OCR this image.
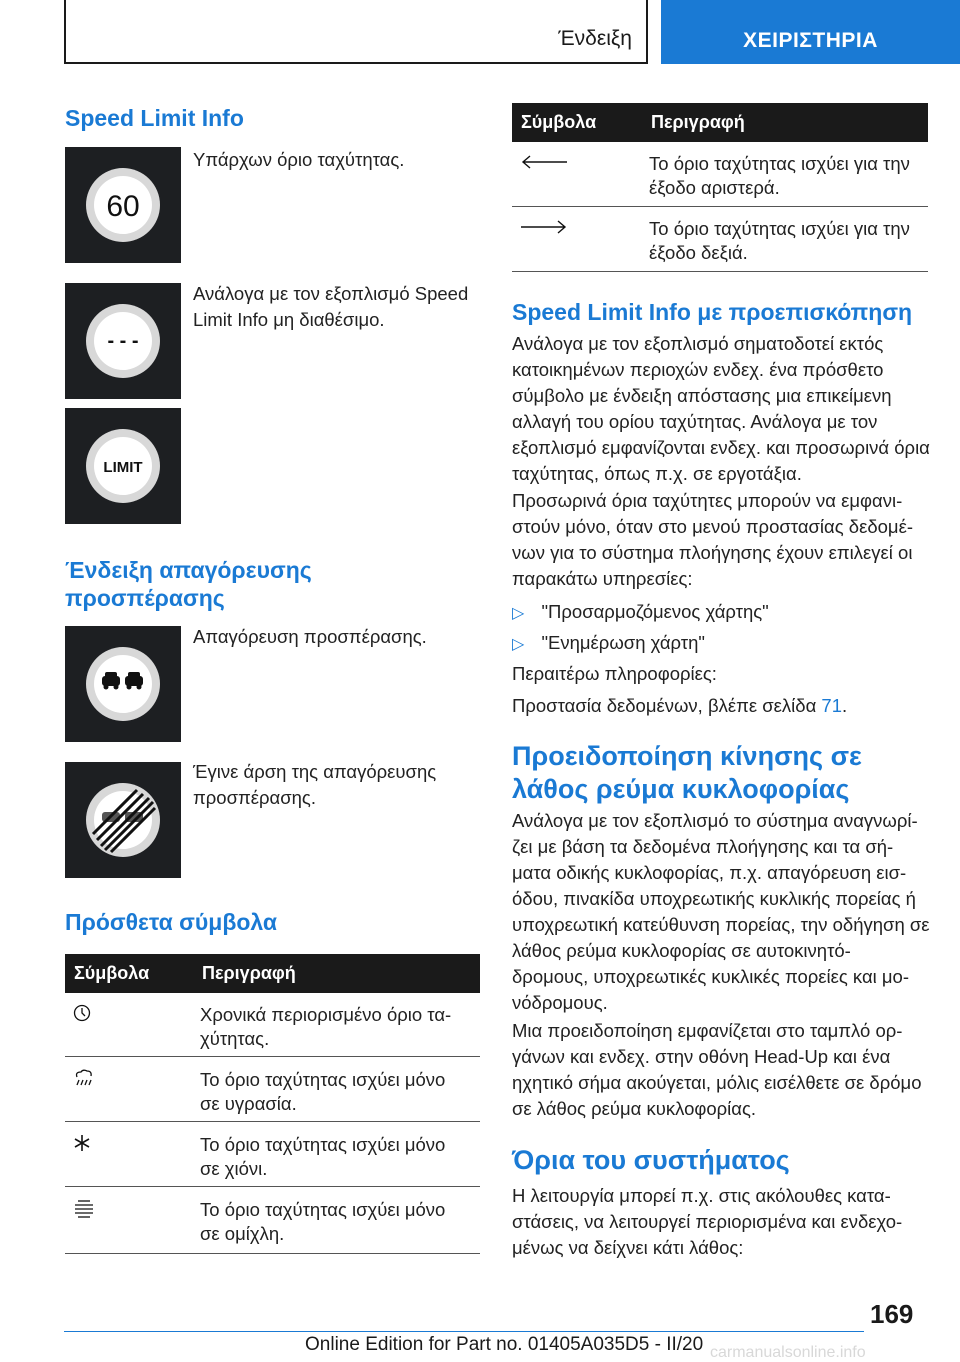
Ένδειξη	ΧΕΙΡΙΣΤΗΡΙΑ
Speed Limit Info
60
Υπάρχων όριο ταχύτητας.
- - -
Ανάλογα με τον εξοπλισμό Speed Limit Info μη διαθέσιμο.
LIMIT
Ένδειξη απαγόρευσης προσπέρασης
Απαγόρευση προσπέρασης.
Έγινε άρση της απαγόρευσης προσπέρασης.
Πρόσθετα σύμβολα
Σύμβολα	Περιγραφή
Χρονικά περιορισμένο όριο τα- χύτητας.
Το όριο ταχύτητας ισχύει μόνο σε υγρασία.
Το όριο ταχύτητας ισχύει μόνο σε χιόνι.
Το όριο ταχύτητας ισχύει μόνο σε ομίχλη.
Σύμβολα	Περιγραφή
Το όριο ταχύτητας ισχύει για την έξοδο αριστερά.
Το όριο ταχύτητας ισχύει για την έξοδο δεξιά.
Speed Limit Info με προεπισκόπηση
Ανάλογα με τον εξοπλισμό σηματοδοτεί εκτός κατοικημένων περιοχών ενδεχ. ένα πρόσθετο σύμβολο με ένδειξη απόστασης μια επικείμενη αλλαγή του ορίου ταχύτητας. Ανάλογα με τον εξοπλισμό εμφανίζονται ενδεχ. και προσωρινά όρια ταχύτητας, όπως π.χ. σε εργοτάξια.
Προσωρινά όρια ταχύτητες μπορούν να εμφανι- στούν μόνο, όταν στο μενού προστασίας δεδομέ- νων για το σύστημα πλοήγησης έχουν επιλεγεί οι παρακάτω υπηρεσίες:
▷ "Προσαρμοζόμενος χάρτης"
▷ "Ενημέρωση χάρτη"
Περαιτέρω πληροφορίες:
Προστασία δεδομένων, βλέπε σελίδα 71.
Προειδοποίηση κίνησης σε λάθος ρεύμα κυκλοφορίας
Ανάλογα με τον εξοπλισμό το σύστημα αναγνωρί- ζει με βάση τα δεδομένα πλοήγησης και τα σή- ματα οδικής κυκλοφορίας, π.χ. απαγόρευση εισ- όδου, πινακίδα υποχρεωτικής κυκλικής πορείας ή υποχρεωτική κατεύθυνση πορείας, την οδήγηση σε λάθος ρεύμα κυκλοφορίας σε αυτοκινητό- δρομους, υποχρεωτικές κυκλικές πορείες και μο- νόδρομους.
Μια προειδοποίηση εμφανίζεται στο ταμπλό ορ- γάνων και ενδεχ. στην οθόνη Head-Up και ένα ηχητικό σήμα ακούγεται, μόλις εισέλθετε σε δρόμο σε λάθος ρεύμα κυκλοφορίας.
Όρια του συστήματος
Η λειτουργία μπορεί π.χ. στις ακόλουθες κατα- στάσεις, να λειτουργεί περιορισμένα και ενδεχο- μένως να δείχνει κάτι λάθος:
169
Online Edition for Part no. 01405A035D5 - II/20 carmanualsonline.info
